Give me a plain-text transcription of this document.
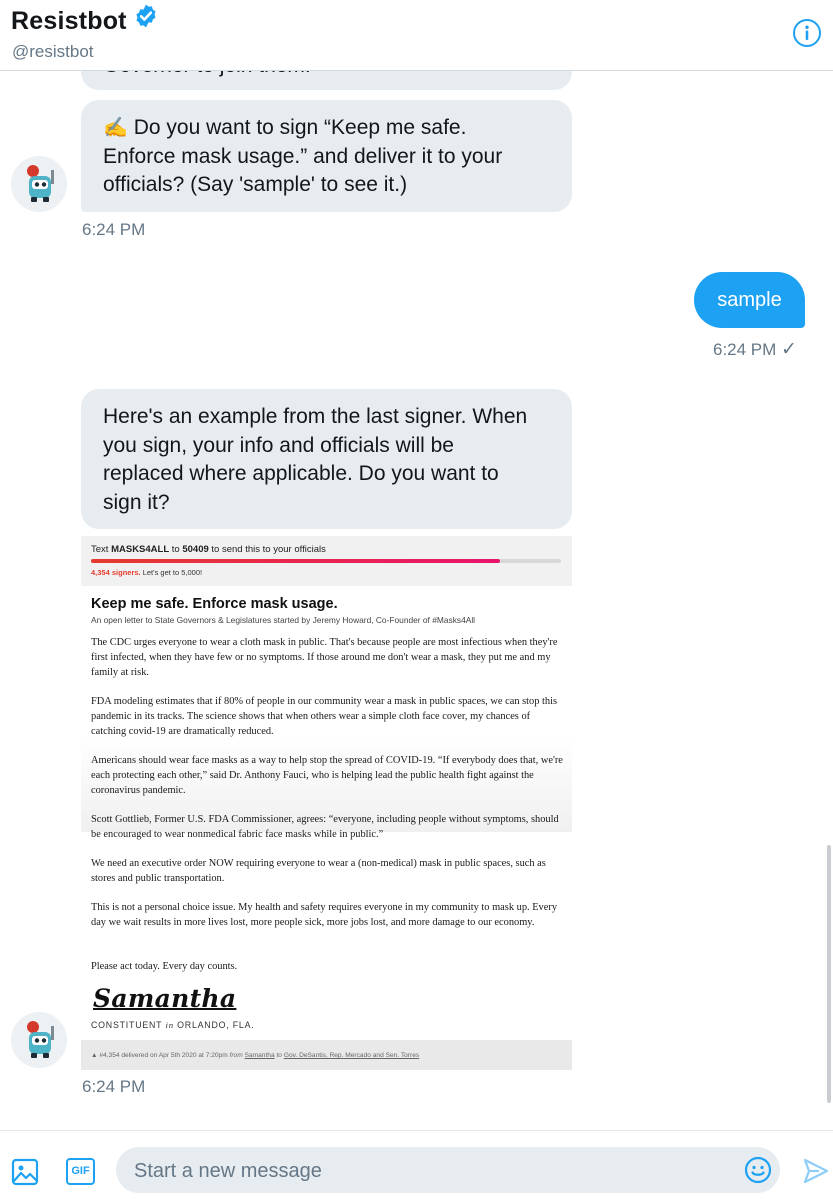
Resistbot
@resistbot
✍️ Do you want to sign “Keep me safe.
Enforce mask usage.” and deliver it to your
officials? (Say 'sample' to see it.)
6:24 PM
sample
6:24 PM ✓
Here's an example from the last signer. When
you sign, your info and officials will be
replaced where applicable. Do you want to
sign it?
Text MASKS4ALL to 50409 to send this to your officials
4,354 signers. Let's get to 5,000!
Keep me safe. Enforce mask usage.
An open letter to State Governors & Legislatures started by Jeremy Howard, Co-Founder of #Masks4All

The CDC urges everyone to wear a cloth mask in public. That's because people are most infectious when they're first infected, when they have few or no symptoms. If those around me don't wear a mask, they put me and my family at risk.

FDA modeling estimates that if 80% of people in our community wear a mask in public spaces, we can stop this pandemic in its tracks. The science shows that when others wear a simple cloth face cover, my chances of catching covid-19 are dramatically reduced.

Americans should wear face masks as a way to help stop the spread of COVID-19. “If everybody does that, we're each protecting each other,” said Dr. Anthony Fauci, who is helping lead the public health fight against the coronavirus pandemic.

Scott Gottlieb, Former U.S. FDA Commissioner, agrees: “everyone, including people without symptoms, should be encouraged to wear nonmedical fabric face masks while in public.”

We need an executive order NOW requiring everyone to wear a (non-medical) mask in public spaces, such as stores and public transportation.

This is not a personal choice issue. My health and safety requires everyone in my community to mask up. Every day we wait results in more lives lost, more people sick, more jobs lost, and more damage to our economy.

Please act today. Every day counts.

Samantha
CONSTITUENT in ORLANDO, FLA.
▲ #4,354 delivered on Apr 5th 2020 at 7:20pm from Samantha to Gov. DeSantis, Rep. Mercado and Sen. Torres
6:24 PM
GIF
Start a new message
